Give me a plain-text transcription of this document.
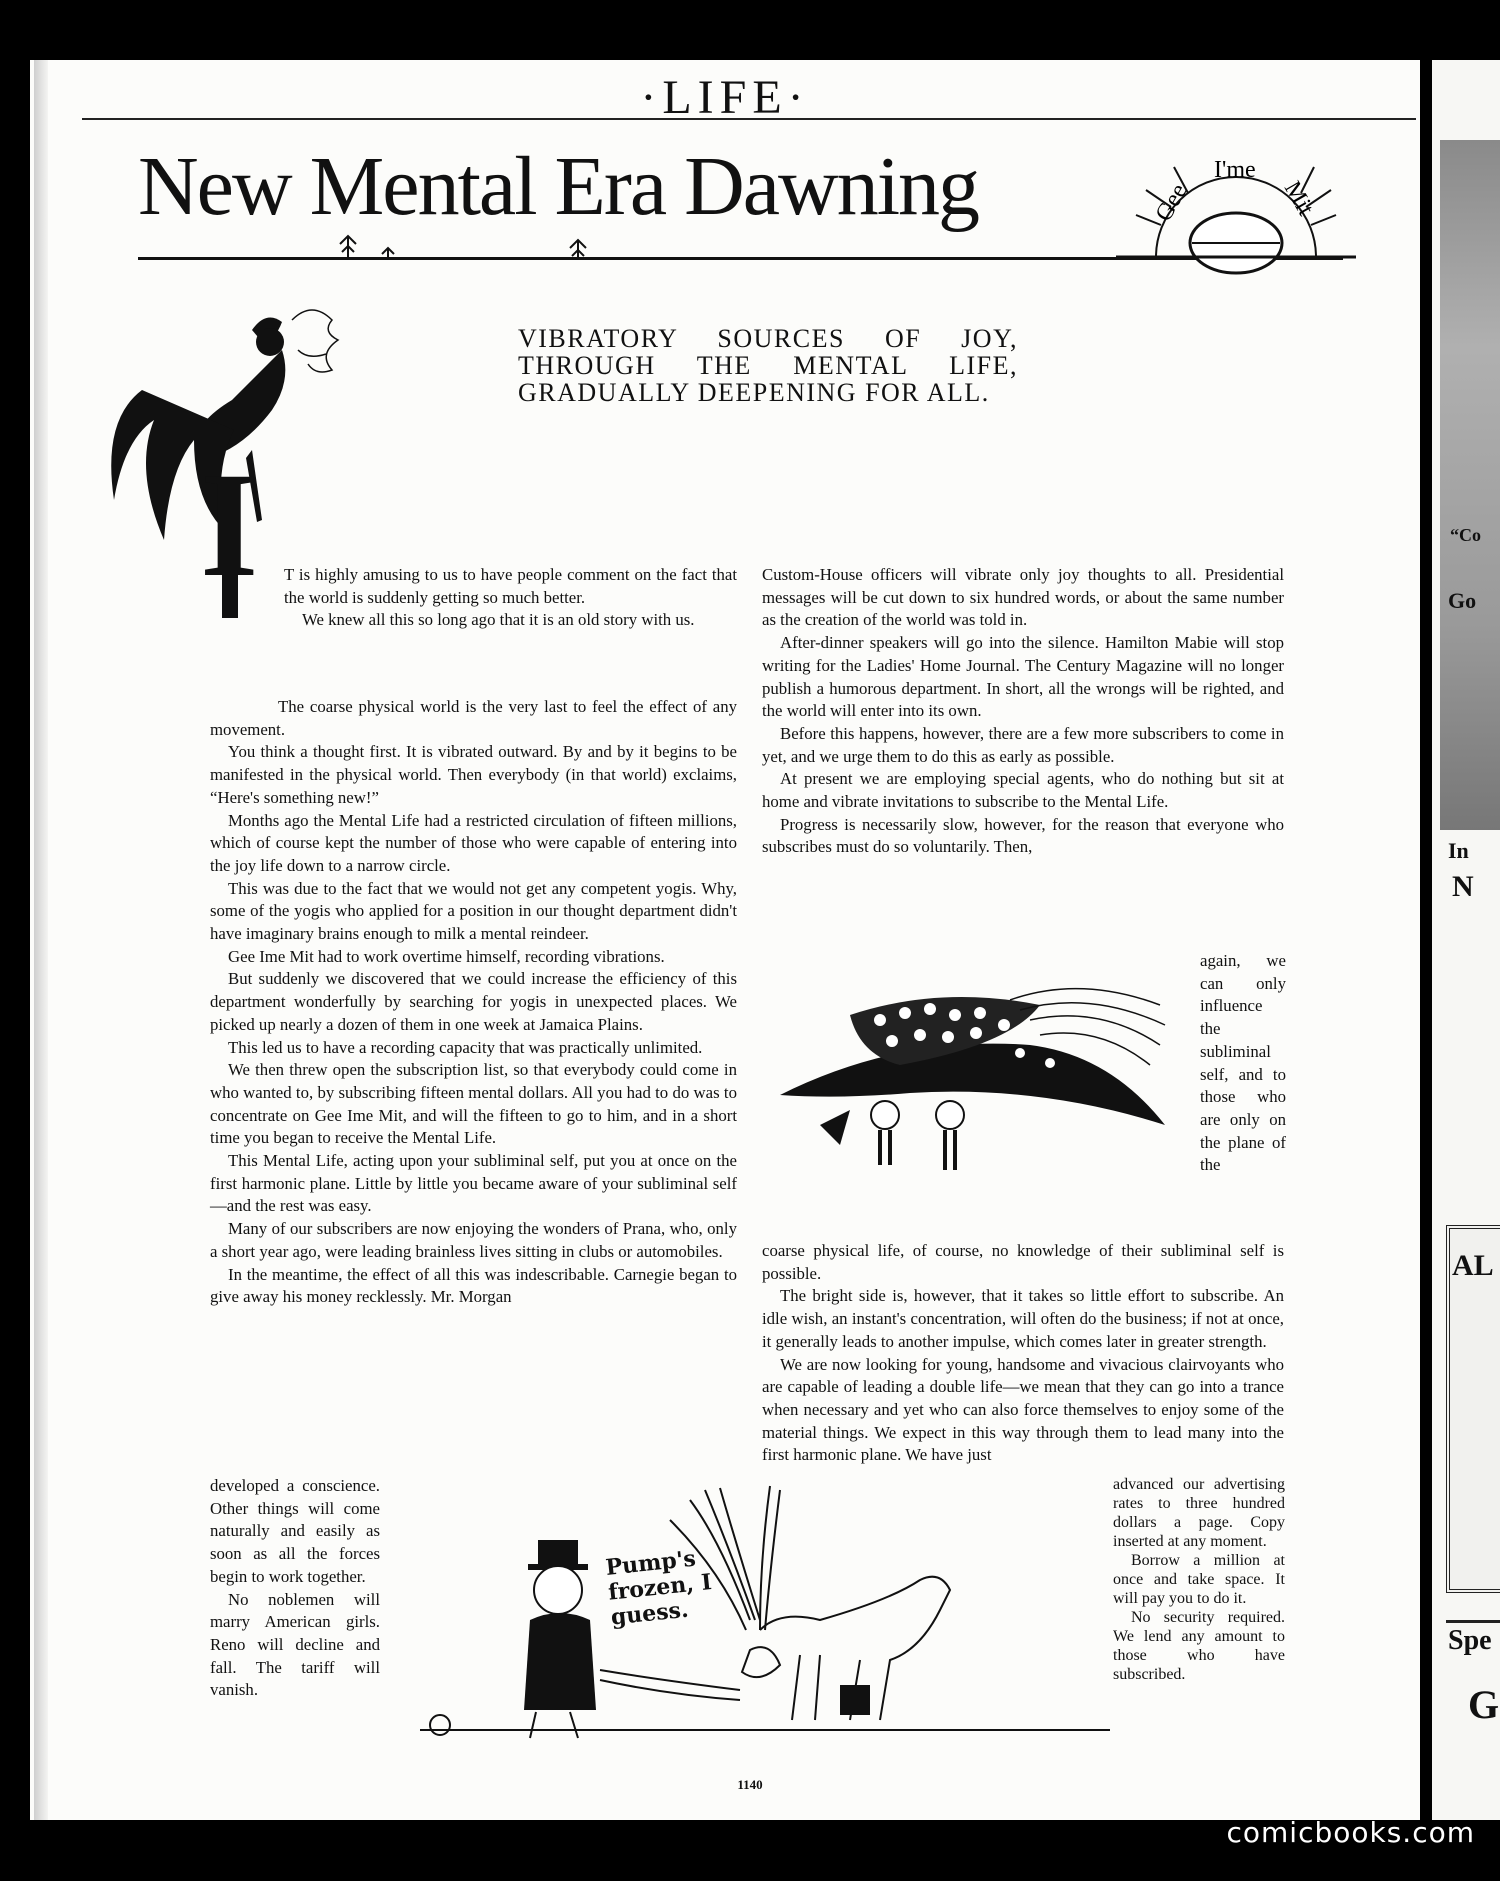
“Co
Go
In
N
AL
Spe
G
·LIFE·
New Mental Era Dawning	Gee
I'me
Mit
I
VIBRATORY SOURCES OF JOY, THROUGH THE MENTAL LIFE, GRADUALLY DEEPENING FOR ALL.

T is highly amusing to us to have people comment on the fact that the world is suddenly getting so much better.

We knew all this so long ago that it is an old story with us.

The coarse physical world is the very last to feel the effect of any movement.

You think a thought first. It is vibrated outward. By and by it begins to be manifested in the physical world. Then everybody (in that world) exclaims, “Here's something new!”

Months ago the Mental Life had a restricted circulation of fifteen millions, which of course kept the number of those who were capable of entering into the joy life down to a narrow circle.

This was due to the fact that we would not get any competent yogis. Why, some of the yogis who applied for a position in our thought department didn't have imaginary brains enough to milk a mental reindeer.

Gee Ime Mit had to work overtime himself, recording vibrations.

But suddenly we discovered that we could increase the efficiency of this department wonderfully by searching for yogis in unexpected places. We picked up nearly a dozen of them in one week at Jamaica Plains.

This led us to have a recording capacity that was practically unlimited.

We then threw open the subscription list, so that everybody could come in who wanted to, by subscribing fifteen mental dollars. All you had to do was to concentrate on Gee Ime Mit, and will the fifteen to go to him, and in a short time you began to receive the Mental Life.

This Mental Life, acting upon your subliminal self, put you at once on the first harmonic plane. Little by little you became aware of your subliminal self—and the rest was easy.

Many of our subscribers are now enjoying the wonders of Prana, who, only a short year ago, were leading brainless lives sitting in clubs or automobiles.

In the meantime, the effect of all this was indescribable. Carnegie began to give away his money recklessly. Mr. Morgan

Custom-House officers will vibrate only joy thoughts to all. Presidential messages will be cut down to six hundred words, or about the same number as the creation of the world was told in.

After-dinner speakers will go into the silence. Hamilton Mabie will stop writing for the Ladies' Home Journal. The Century Magazine will no longer publish a humorous department. In short, all the wrongs will be righted, and the world will enter into its own.

Before this happens, however, there are a few more subscribers to come in yet, and we urge them to do this as early as possible.

At present we are employing special agents, who do nothing but sit at home and vibrate invitations to subscribe to the Mental Life.

Progress is necessarily slow, however, for the reason that everyone who subscribes must do so voluntarily. Then,

again, we can only influence the subliminal self, and to those who are only on the plane of the

coarse physical life, of course, no knowledge of their subliminal self is possible.

The bright side is, however, that it takes so little effort to subscribe. An idle wish, an instant's concentration, will often do the business; if not at once, it generally leads to another impulse, which comes later in greater strength.

We are now looking for young, handsome and vivacious clairvoyants who are capable of leading a double life—we mean that they can go into a trance when necessary and yet who can also force themselves to enjoy some of the material things. We expect in this way through them to lead many into the first harmonic plane. We have just

developed a conscience. Other things will come naturally and easily as soon as all the forces begin to work together.

No noblemen will marry American girls. Reno will decline and fall. The tariff will vanish.

Pump's frozen, I guess.

advanced our advertising rates to three hundred dollars a page. Copy inserted at any moment.

Borrow a million at once and take space. It will pay you to do it.

No security required. We lend any amount to those who have subscribed.

1140
comicbooks.com
